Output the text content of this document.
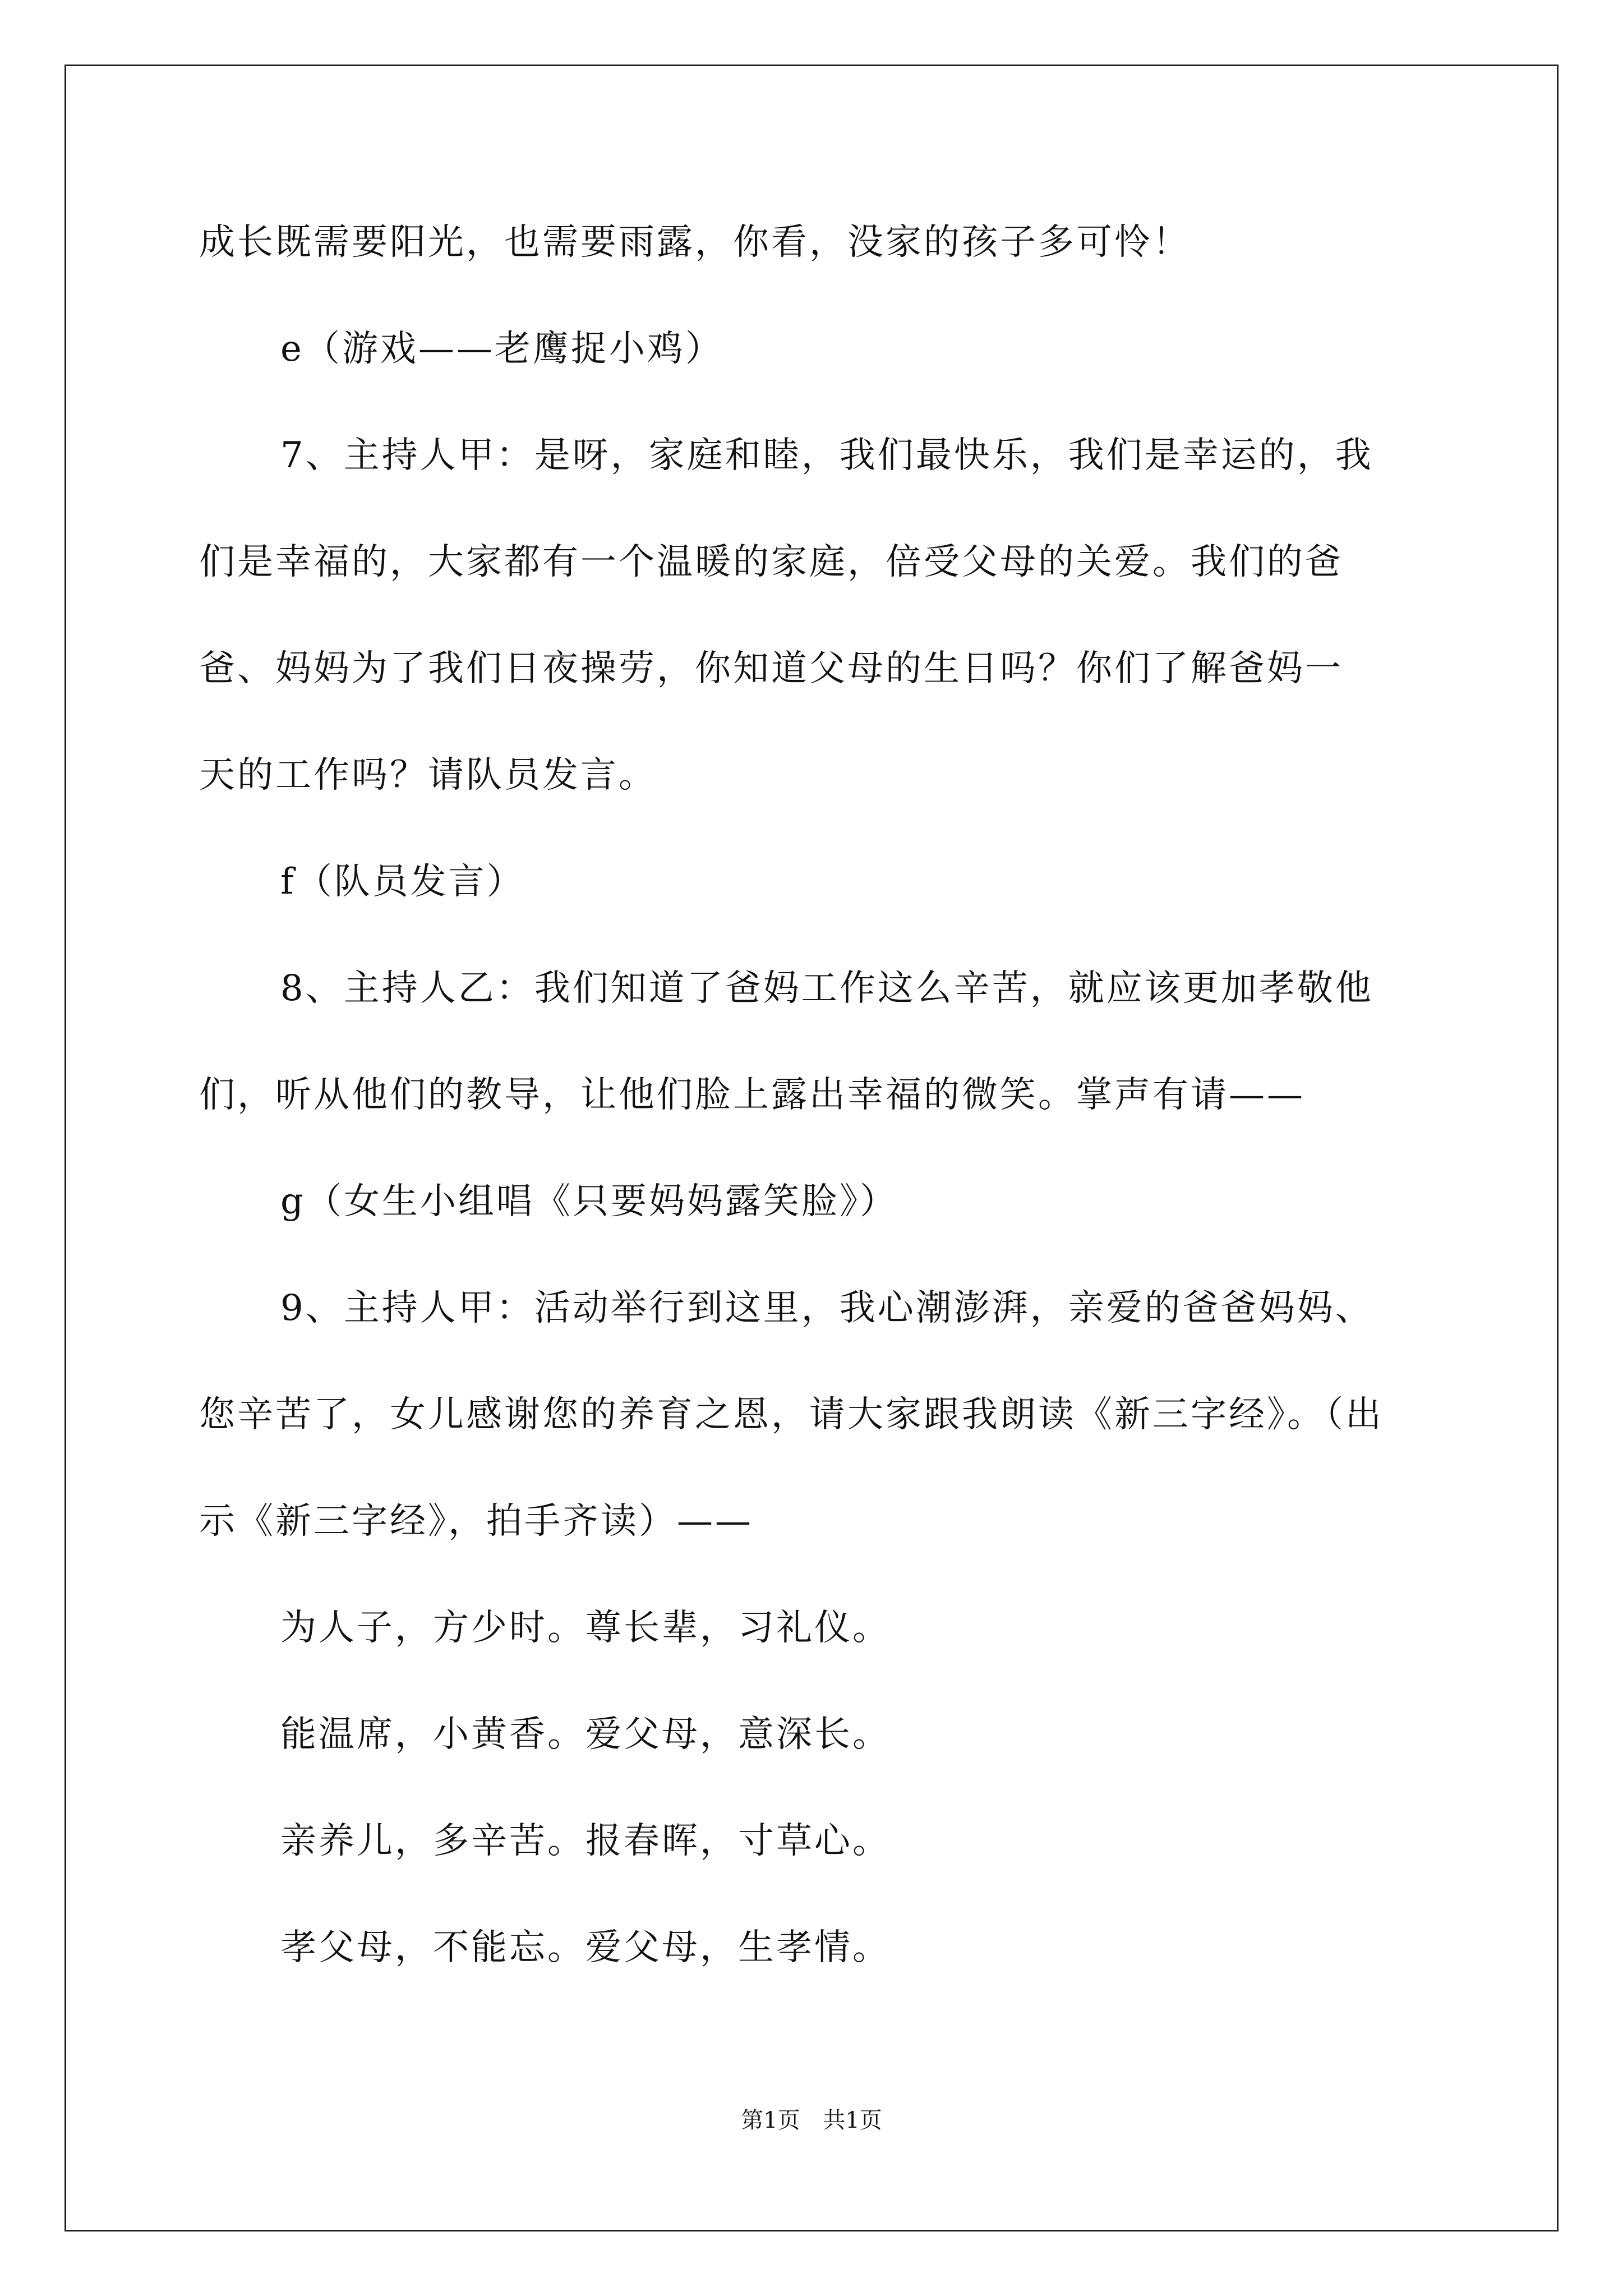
成长既需要阳光，也需要雨露，你看，没家的孩子多可怜！
e（游戏——老鹰捉小鸡）
7、主持人甲：是呀，家庭和睦，我们最快乐，我们是幸运的，我
们是幸福的，大家都有一个温暖的家庭，倍受父母的关爱。我们的爸
爸、妈妈为了我们日夜操劳，你知道父母的生日吗？你们了解爸妈一
天的工作吗？请队员发言。
f（队员发言）
8、主持人乙：我们知道了爸妈工作这么辛苦，就应该更加孝敬他
们，听从他们的教导，让他们脸上露出幸福的微笑。掌声有请——
g（女生小组唱《只要妈妈露笑脸》）
9、主持人甲：活动举行到这里，我心潮澎湃，亲爱的爸爸妈妈、
您辛苦了，女儿感谢您的养育之恩，请大家跟我朗读《新三字经》。（出
示《新三字经》，拍手齐读）——
为人子，方少时。尊长辈，习礼仪。
能温席，小黄香。爱父母，意深长。
亲养儿，多辛苦。报春晖，寸草心。
孝父母，不能忘。爱父母，生孝情。
第1页 共1页
